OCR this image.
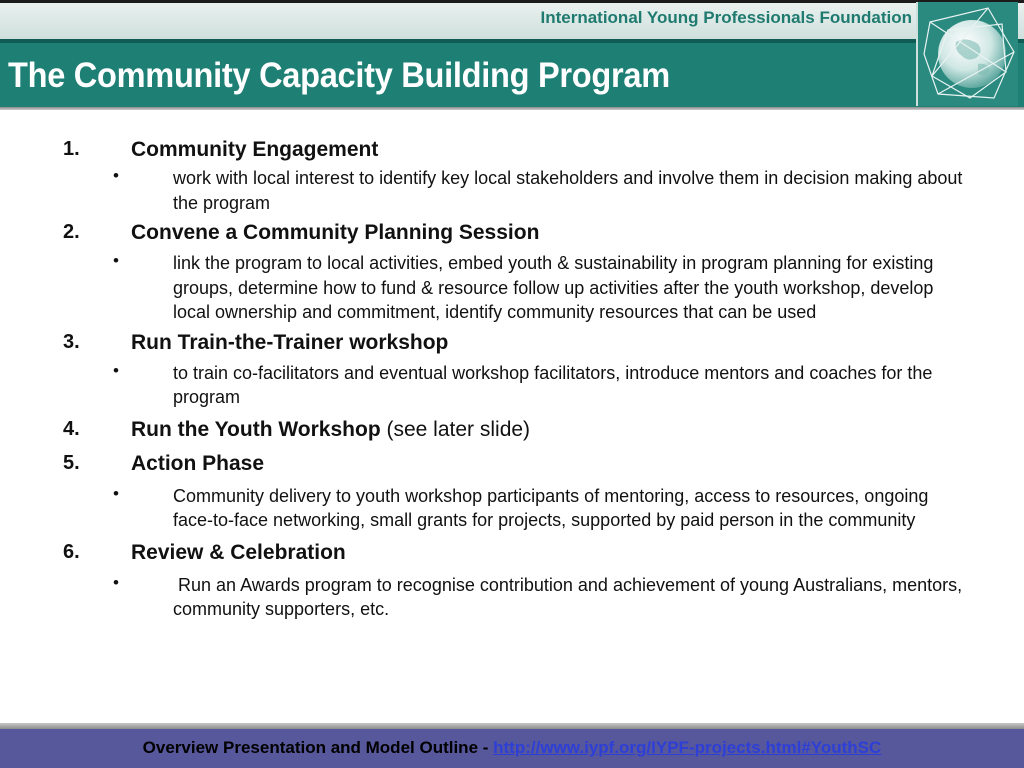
International Young Professionals Foundation
The Community Capacity Building Program
1. Community Engagement
•	work with local interest to identify key local stakeholders and involve them in decision making about the program
2. Convene a Community Planning Session
•	link the program to local activities, embed youth & sustainability in program planning for existing groups, determine how to fund & resource follow up activities after the youth workshop, develop local ownership and commitment, identify community resources that can be used
3. Run Train-the-Trainer workshop
•	to train co-facilitators and eventual workshop facilitators, introduce mentors and coaches for the program
4. Run the Youth Workshop (see later slide)
5. Action Phase
•	Community delivery to youth workshop participants of mentoring, access to resources, ongoing face-to-face networking, small grants for projects, supported by paid person in the community
6. Review & Celebration
•	Run an Awards program to recognise contribution and achievement of young Australians, mentors, community supporters, etc.
Overview Presentation and Model Outline - http://www.iypf.org/IYPF-projects.html#YouthSC
